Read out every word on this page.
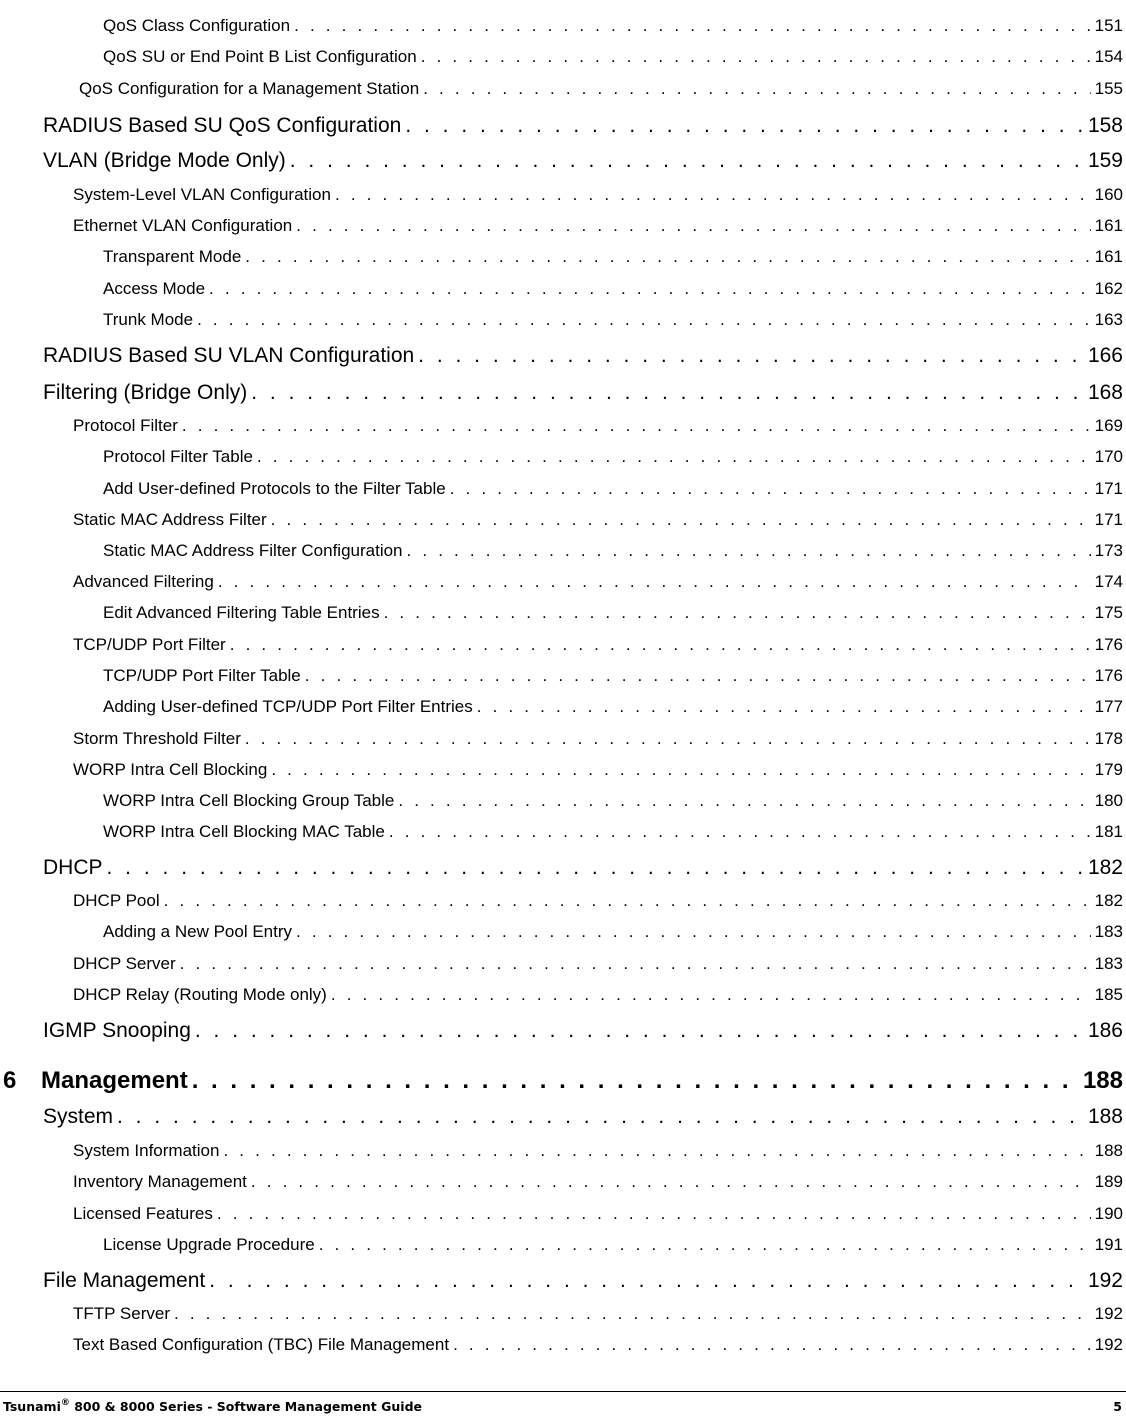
QoS Class Configuration . . .	151
QoS SU or End Point B List Configuration . . .	154
QoS Configuration for a Management Station . . .	155
RADIUS Based SU QoS Configuration . . .	158
VLAN (Bridge Mode Only) . . .	159
System-Level VLAN Configuration . . .	160
Ethernet VLAN Configuration . . .	161
Transparent Mode . . .	161
Access Mode . . .	162
Trunk Mode . . .	163
RADIUS Based SU VLAN Configuration . . .	166
Filtering (Bridge Only) . . .	168
Protocol Filter . . .	169
Protocol Filter Table . . .	170
Add User-defined Protocols to the Filter Table . . .	171
Static MAC Address Filter . . .	171
Static MAC Address Filter Configuration . . .	173
Advanced Filtering . . .	174
Edit Advanced Filtering Table Entries . . .	175
TCP/UDP Port Filter . . .	176
TCP/UDP Port Filter Table . . .	176
Adding User-defined TCP/UDP Port Filter Entries . . .	177
Storm Threshold Filter . . .	178
WORP Intra Cell Blocking . . .	179
WORP Intra Cell Blocking Group Table . . .	180
WORP Intra Cell Blocking MAC Table . . .	181
DHCP . . .	182
DHCP Pool . . .	182
Adding a New Pool Entry . . .	183
DHCP Server . . .	183
DHCP Relay (Routing Mode only) . . .	185
IGMP Snooping . . .	186
6	Management . . .	188
System . . .	188
System Information . . .	188
Inventory Management . . .	189
Licensed Features . . .	190
License Upgrade Procedure . . .	191
File Management . . .	192
TFTP Server . . .	192
Text Based Configuration (TBC) File Management . . .	192
Tsunami® 800 & 8000 Series - Software Management Guide	5
